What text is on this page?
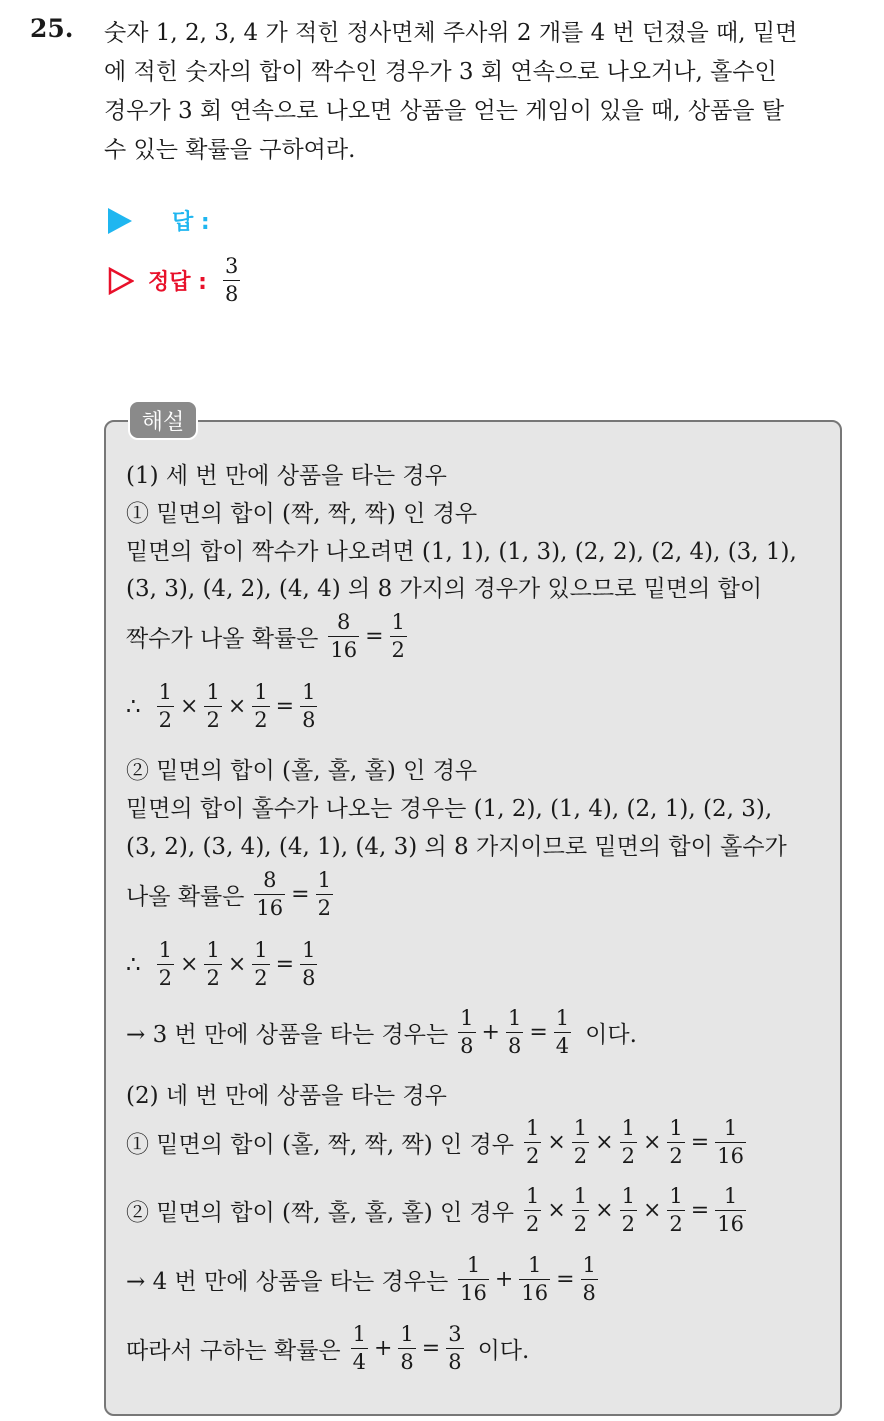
25. 숫자 1, 2, 3, 4 가 적힌 정사면체 주사위 2 개를 4 번 던졌을 때, 밑면
에 적힌 숫자의 합이 짝수인 경우가 3 회 연속으로 나오거나, 홀수인
경우가 3 회 연속으로 나오면 상품을 얻는 게임이 있을 때, 상품을 탈
수 있는 확률을 구하여라.
답 :
정답 : $\frac{3}{8}$
해설
(1) 세 번 만에 상품을 타는 경우
① 밑면의 합이 (짝, 짝, 짝) 인 경우
밑면의 합이 짝수가 나오려면 (1, 1), (1, 3), (2, 2), (2, 4), (3, 1),
(3, 3), (4, 2), (4, 4) 의 8 가지의 경우가 있으므로 밑면의 합이
짝수가 나올 확률은 $\frac{8}{16} = \frac{1}{2}$
∴ $\frac{1}{2} \times \frac{1}{2} \times \frac{1}{2} = \frac{1}{8}$
② 밑면의 합이 (홀, 홀, 홀) 인 경우
밑면의 합이 홀수가 나오는 경우는 (1, 2), (1, 4), (2, 1), (2, 3),
(3, 2), (3, 4), (4, 1), (4, 3) 의 8 가지이므로 밑면의 합이 홀수가
나올 확률은 $\frac{8}{16} = \frac{1}{2}$
∴ $\frac{1}{2} \times \frac{1}{2} \times \frac{1}{2} = \frac{1}{8}$
→ 3 번 만에 상품을 타는 경우는 $\frac{1}{8} + \frac{1}{8} = \frac{1}{4}$ 이다.
(2) 네 번 만에 상품을 타는 경우
① 밑면의 합이 (홀, 짝, 짝, 짝) 인 경우 $\frac{1}{2} \times \frac{1}{2} \times \frac{1}{2} \times \frac{1}{2} = \frac{1}{16}$
② 밑면의 합이 (짝, 홀, 홀, 홀) 인 경우 $\frac{1}{2} \times \frac{1}{2} \times \frac{1}{2} \times \frac{1}{2} = \frac{1}{16}$
→ 4 번 만에 상품을 타는 경우는 $\frac{1}{16} + \frac{1}{16} = \frac{1}{8}$
따라서 구하는 확률은 $\frac{1}{4} + \frac{1}{8} = \frac{3}{8}$ 이다.
